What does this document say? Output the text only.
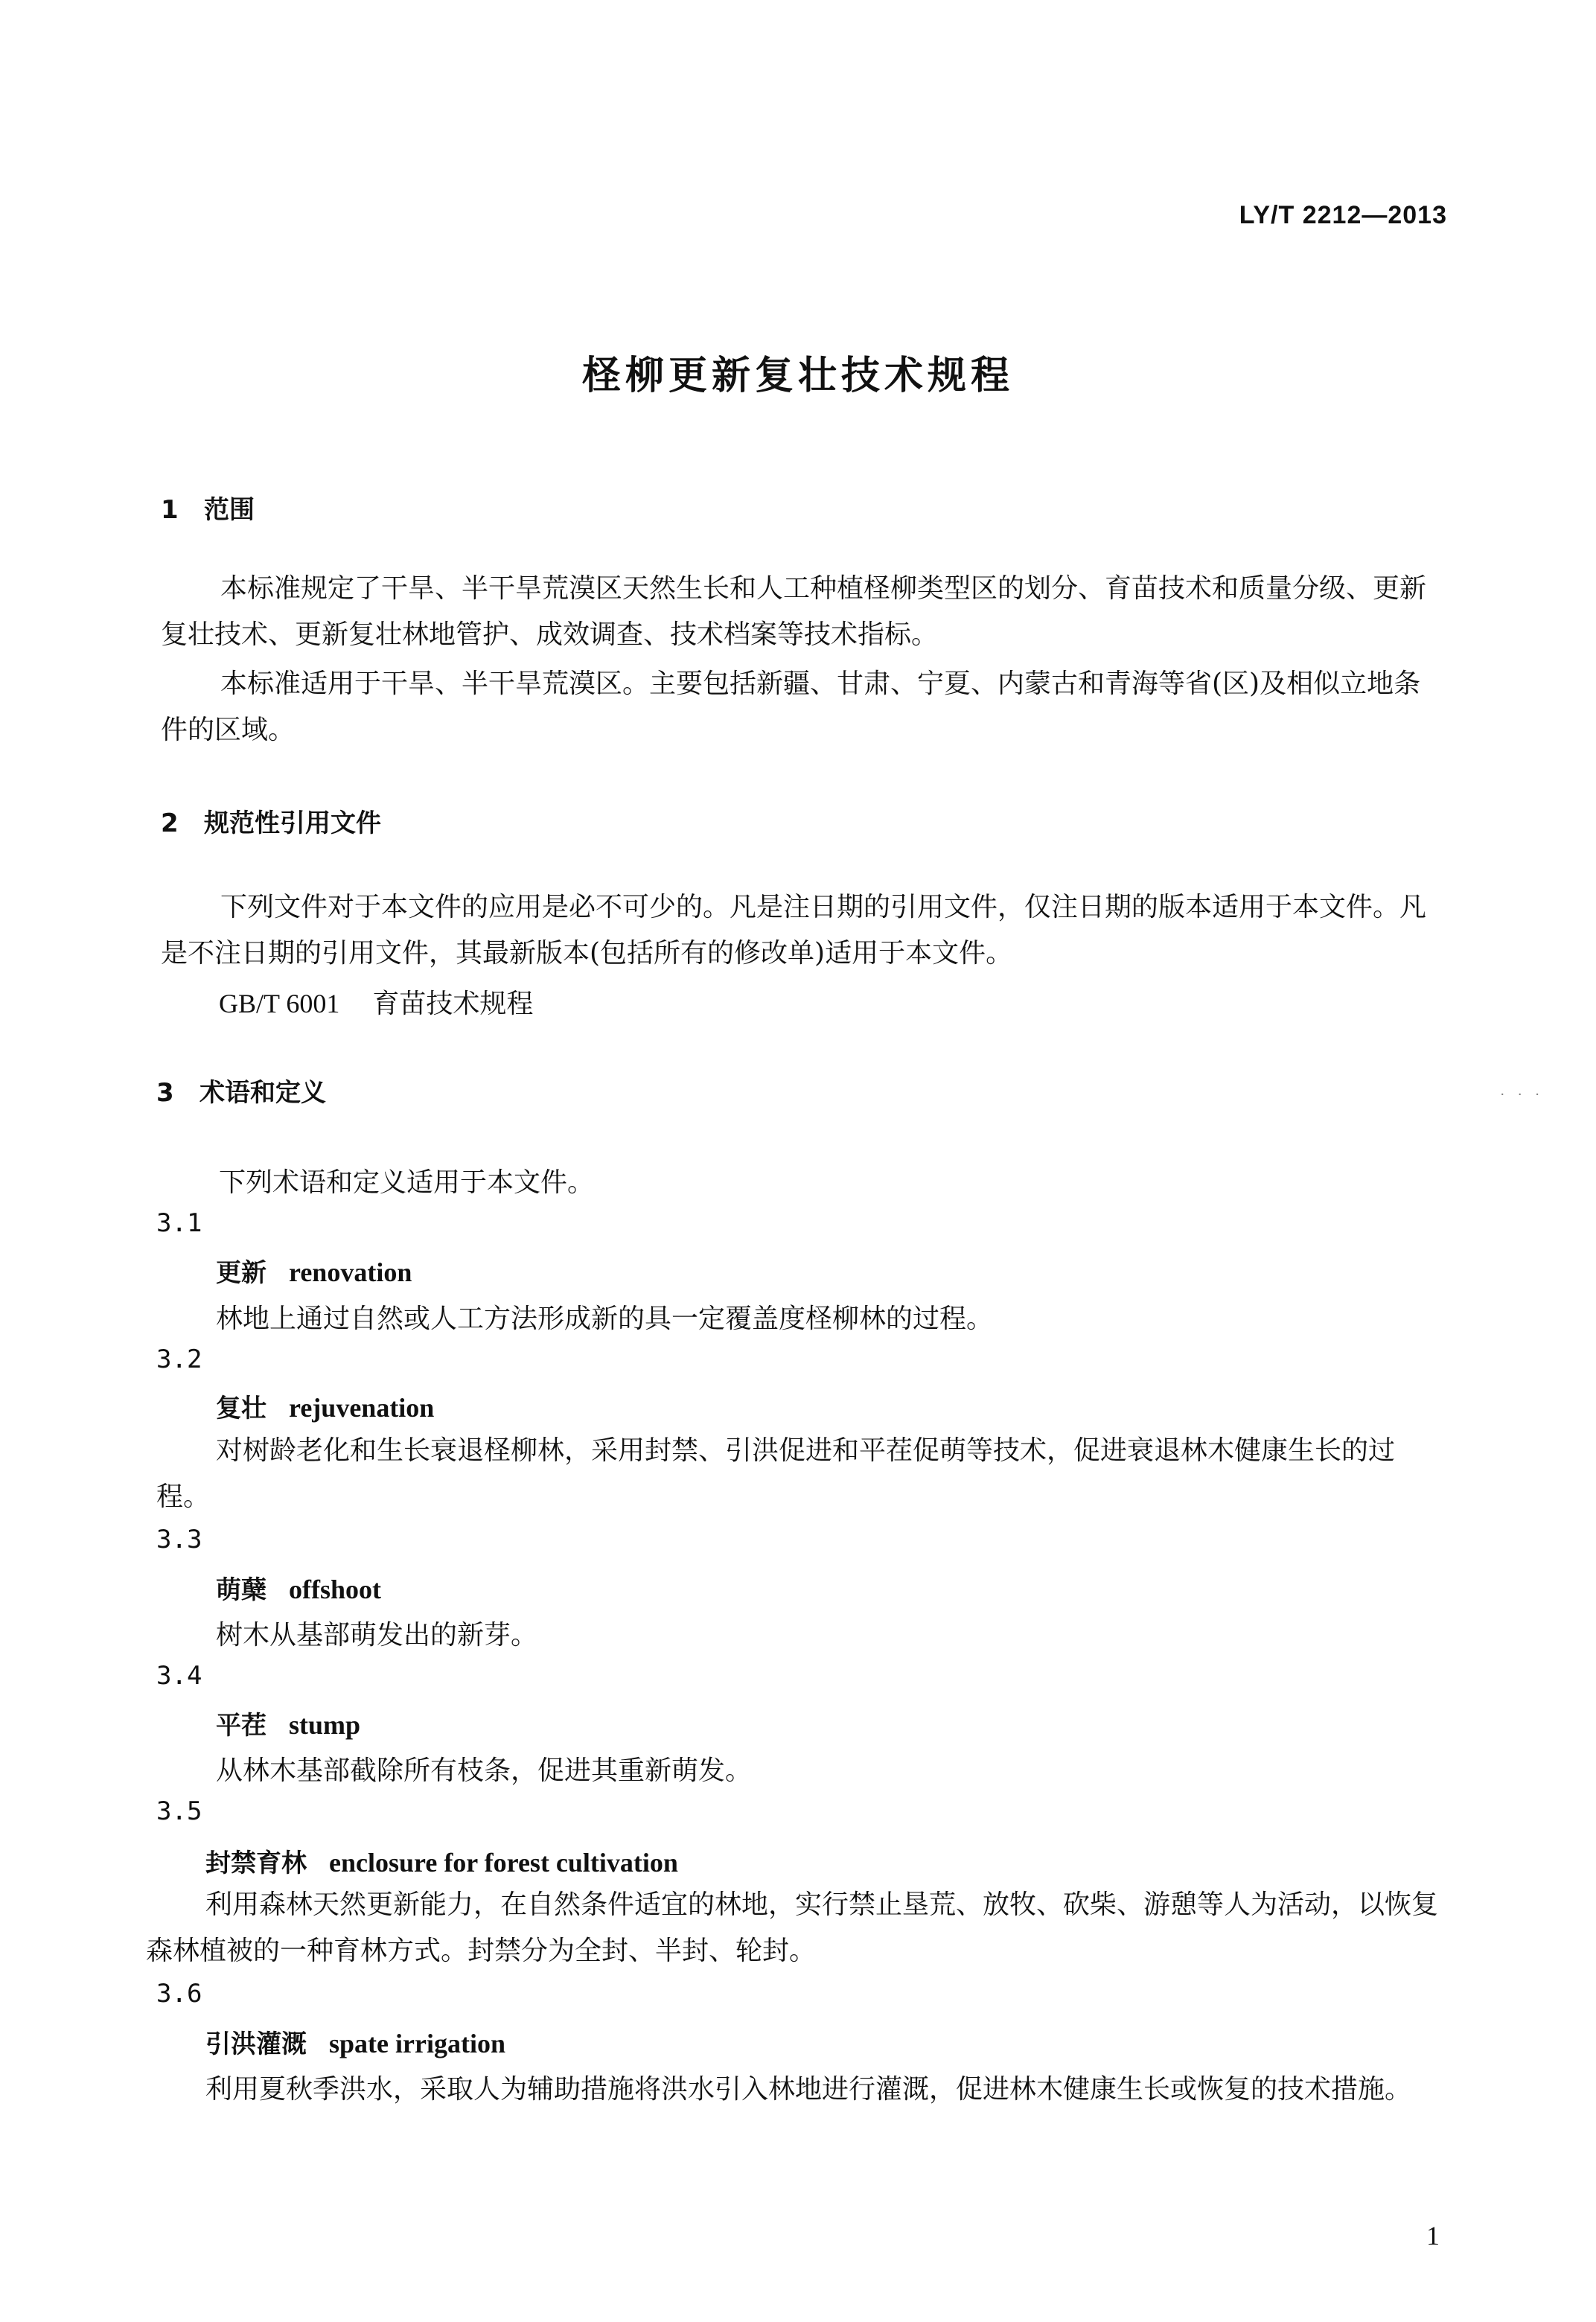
LY/T 2212—2013
柽柳更新复壮技术规程
1 范围
本标准规定了干旱、半干旱荒漠区天然生长和人工种植柽柳类型区的划分、育苗技术和质量分级、更新复壮技术、更新复壮林地管护、成效调查、技术档案等技术指标。
本标准适用于干旱、半干旱荒漠区。主要包括新疆、甘肃、宁夏、内蒙古和青海等省(区)及相似立地条件的区域。
2 规范性引用文件
下列文件对于本文件的应用是必不可少的。凡是注日期的引用文件，仅注日期的版本适用于本文件。凡是不注日期的引用文件，其最新版本(包括所有的修改单)适用于本文件。
GB/T 6001 育苗技术规程
3 术语和定义
下列术语和定义适用于本文件。
3.1
更新 renovation
林地上通过自然或人工方法形成新的具一定覆盖度柽柳林的过程。
3.2
复壮 rejuvenation
对树龄老化和生长衰退柽柳林，采用封禁、引洪促进和平茬促萌等技术，促进衰退林木健康生长的过程。
3.3
萌蘖 offshoot
树木从基部萌发出的新芽。
3.4
平茬 stump
从林木基部截除所有枝条，促进其重新萌发。
3.5
封禁育林 enclosure for forest cultivation
利用森林天然更新能力，在自然条件适宜的林地，实行禁止垦荒、放牧、砍柴、游憩等人为活动，以恢复森林植被的一种育林方式。封禁分为全封、半封、轮封。
3.6
引洪灌溉 spate irrigation
利用夏秋季洪水，采取人为辅助措施将洪水引入林地进行灌溉，促进林木健康生长或恢复的技术措施。
1
· · ·
